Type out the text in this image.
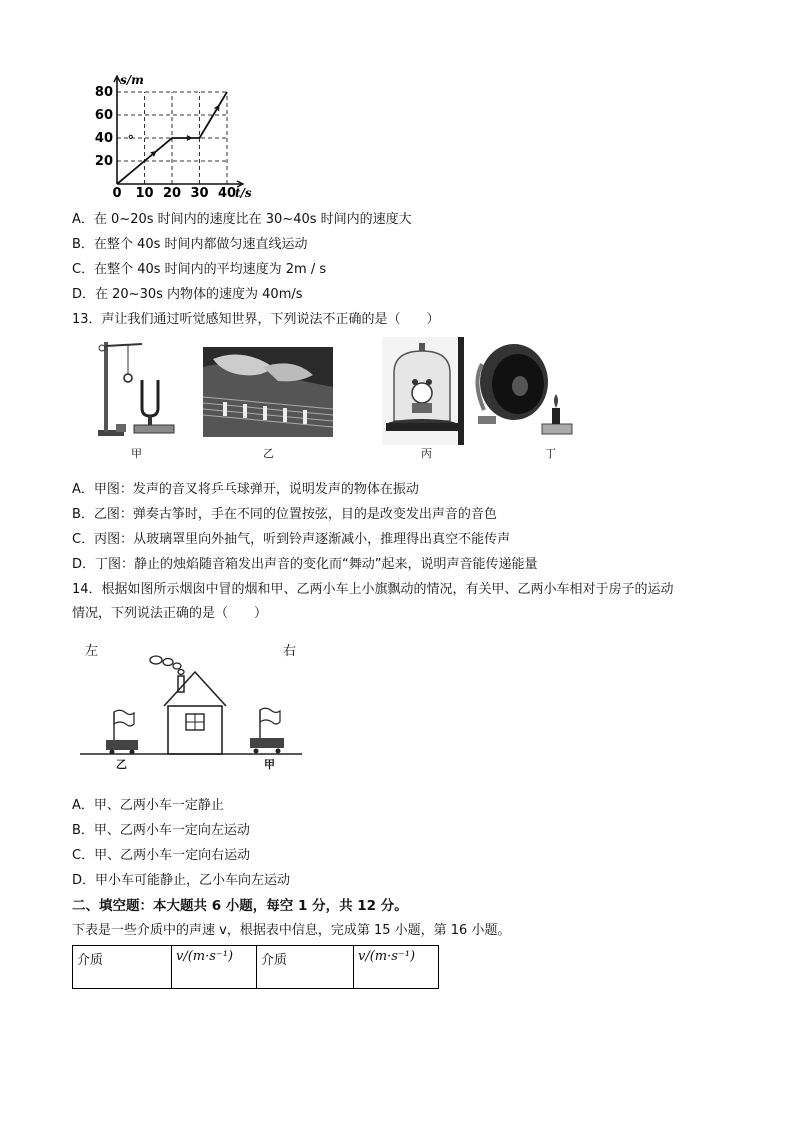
0 10 20 30 40
20
40
60
80
s/m
t/s
A．在 0~20s 时间内的速度比在 30~40s 时间内的速度大
B．在整个 40s 时间内都做匀速直线运动
C．在整个 40s 时间内的平均速度为 2m / s
D．在 20~30s 内物体的速度为 40m/s
13．声让我们通过听觉感知世界，下列说法不正确的是（　　）
甲	乙	丙	丁
A．甲图：发声的音叉将乒乓球弹开，说明发声的物体在振动
B．乙图：弹奏古筝时，手在不同的位置按弦，目的是改变发出声音的音色
C．丙图：从玻璃罩里向外抽气，听到铃声逐渐减小，推理得出真空不能传声
D．丁图：静止的烛焰随音箱发出声音的变化而“舞动”起来，说明声音能传递能量
14．根据如图所示烟囱中冒的烟和甲、乙两小车上小旗飘动的情况，有关甲、乙两小车相对于房子的运动
情况，下列说法正确的是（　　）
左	右
乙	甲
A．甲、乙两小车一定静止
B．甲、乙两小车一定向左运动
C．甲、乙两小车一定向右运动
D．甲小车可能静止，乙小车向左运动
二、填空题：本大题共 6 小题，每空 1 分，共 12 分。
下表是一些介质中的声速 v，根据表中信息，完成第 15 小题，第 16 小题。
介质	v/(m·s⁻¹)	介质	v/(m·s⁻¹)
